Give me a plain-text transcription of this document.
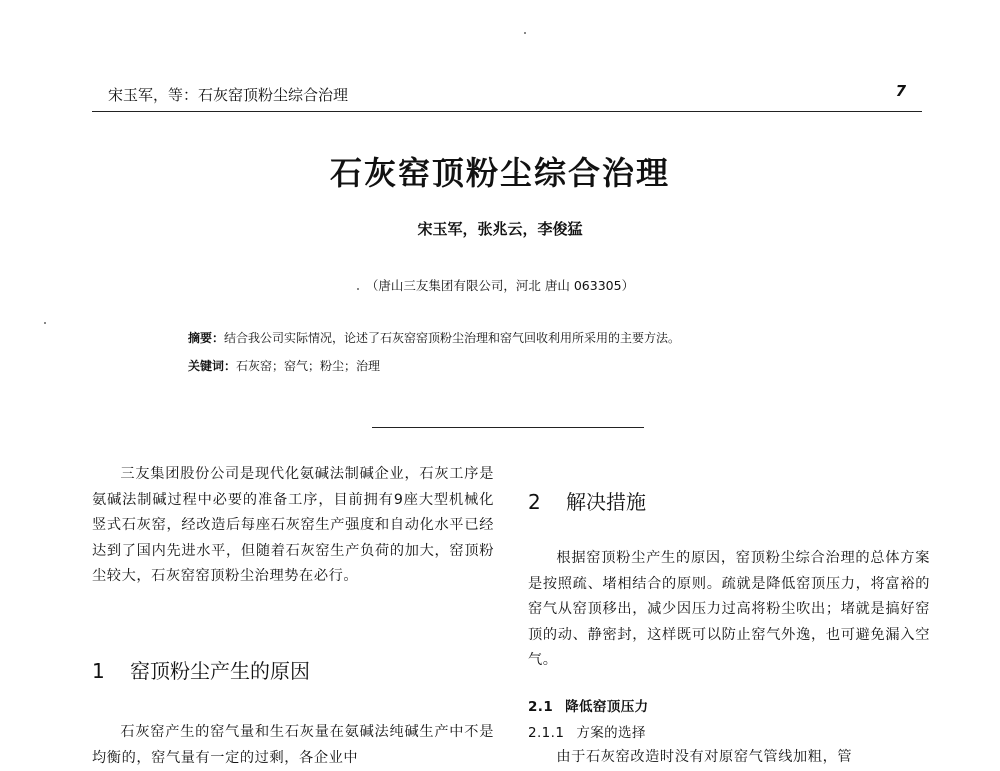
宋玉军，等：石灰窑顶粉尘综合治理	7
石灰窑顶粉尘综合治理
宋玉军，张兆云，李俊猛
（唐山三友集团有限公司，河北 唐山 063305）
摘要：结合我公司实际情况，论述了石灰窑窑顶粉尘治理和窑气回收利用所采用的主要方法。
关键词：石灰窑；窑气；粉尘；治理

三友集团股份公司是现代化氨碱法制碱企业，石灰工序是氨碱法制碱过程中必要的准备工序，目前拥有9座大型机械化竖式石灰窑，经改造后每座石灰窑生产强度和自动化水平已经达到了国内先进水平，但随着石灰窑生产负荷的加大，窑顶粉尘较大，石灰窑窑顶粉尘治理势在必行。

1 窑顶粉尘产生的原因

石灰窑产生的窑气量和生石灰量在氨碱法纯碱生产中不是均衡的，窑气量有一定的过剩，各企业中

2 解决措施

根据窑顶粉尘产生的原因，窑顶粉尘综合治理的总体方案是按照疏、堵相结合的原则。疏就是降低窑顶压力，将富裕的窑气从窑顶移出，减少因压力过高将粉尘吹出；堵就是搞好窑顶的动、静密封，这样既可以防止窑气外逸，也可避免漏入空气。

2.1 降低窑顶压力
2.1.1 方案的选择

由于石灰窑改造时没有对原窑气管线加粗，管
